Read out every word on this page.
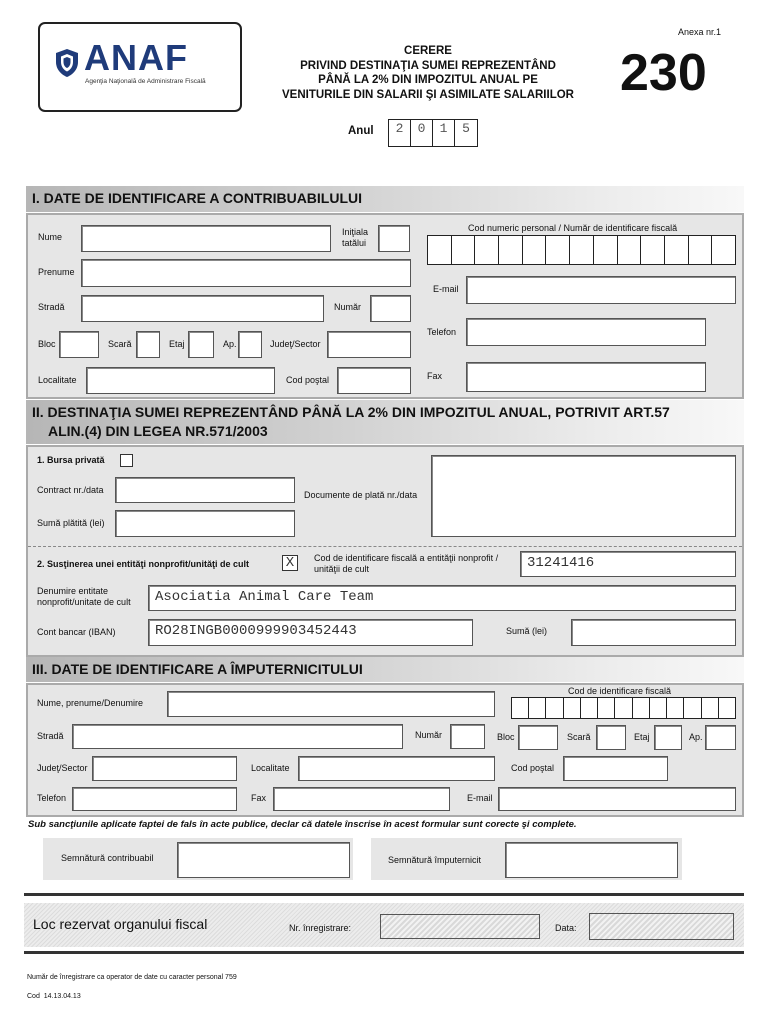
ANAF
Agenţia Naţională de Administrare Fiscală
CERERE
PRIVIND DESTINAŢIA SUMEI REPREZENTÂND
PÂNĂ LA 2% DIN IMPOZITUL ANUAL PE
VENITURILE DIN SALARII ŞI ASIMILATE SALARIILOR
Anexa nr.1
230
Anul	2	0	1	5
I. DATE DE IDENTIFICARE A CONTRIBUABILULUI
Nume	Iniţiala
tatălui
Prenume
Stradă	Număr
Bloc	Scară	Etaj	Ap.	Judeţ/Sector
Localitate	Cod poştal
Cod numeric personal / Număr de identificare fiscală
E-mail
Telefon
Fax
II. DESTINAŢIA SUMEI REPREZENTÂND PÂNĂ LA 2% DIN IMPOZITUL ANUAL, POTRIVIT ART.57
ALIN.(4) DIN LEGEA NR.571/2003
1. Bursa privată
Contract nr./data
Sumă plătită (lei)
Documente de plată nr./data
2. Susţinerea unei entităţi nonprofit/unităţi de cult	X	Cod de identificare fiscală a entităţii nonprofit /
unităţii de cult	31241416
Denumire entitate
nonprofit/unitate de cult	Asociatia Animal Care Team
Cont bancar (IBAN)	RO28INGB0000999903452443	Sumă (lei)
III. DATE DE IDENTIFICARE A ÎMPUTERNICITULUI
Nume, prenume/Denumire
Cod de identificare fiscală
Stradă	Număr	Bloc	Scară	Etaj	Ap.
Judeţ/Sector	Localitate	Cod poştal
Telefon	Fax	E-mail
Sub sancţiunile aplicate faptei de fals în acte publice, declar că datele înscrise în acest formular sunt corecte şi complete.
Semnătură contribuabil	Semnătură împuternicit
Loc rezervat organului fiscal	Nr. înregistrare:	Data:
Număr de înregistrare ca operator de date cu caracter personal 759
Cod  14.13.04.13
